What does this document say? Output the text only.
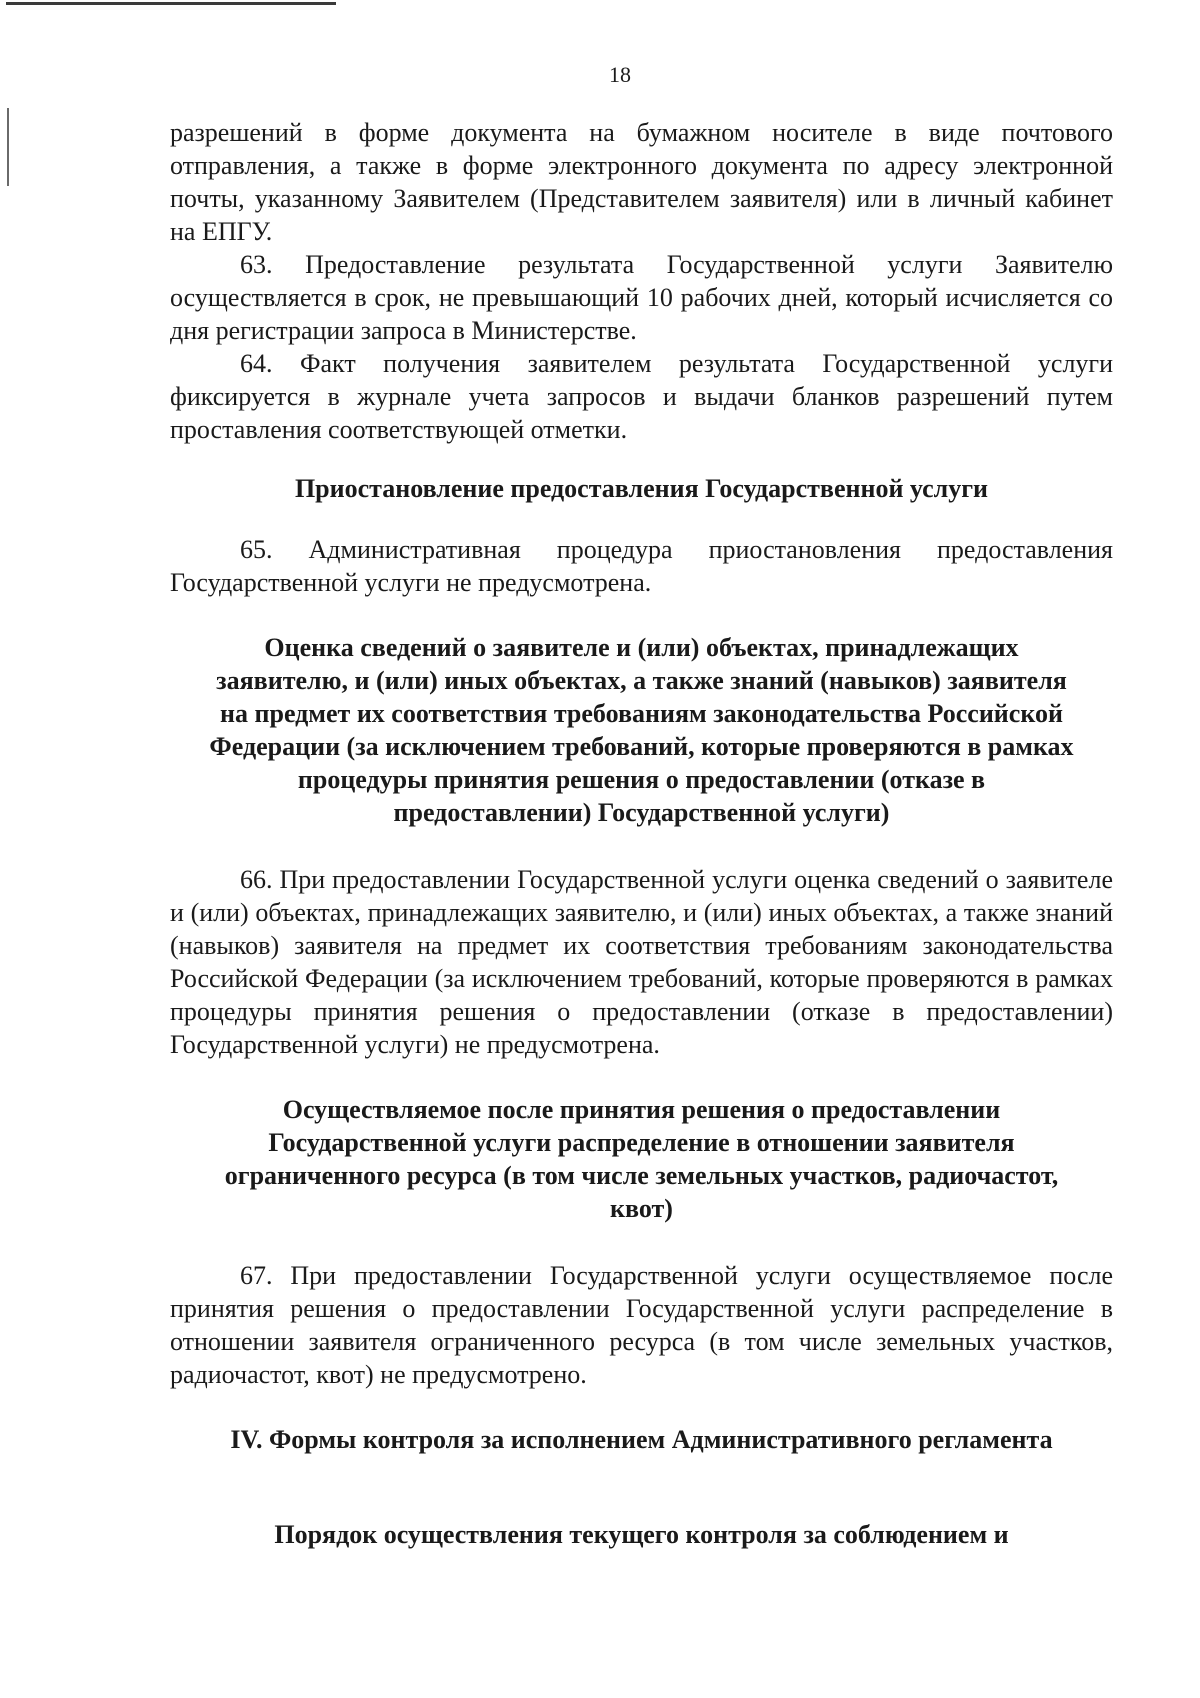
18

разрешений в форме документа на бумажном носителе в виде почтового отправления, а также в форме электронного документа по адресу электронной почты, указанному Заявителем (Представителем заявителя) или в личный кабинет на ЕПГУ.

63. Предоставление результата Государственной услуги Заявителю осуществляется в срок, не превышающий 10 рабочих дней, который исчисляется со дня регистрации запроса в Министерстве.

64. Факт получения заявителем результата Государственной услуги фиксируется в журнале учета запросов и выдачи бланков разрешений путем проставления соответствующей отметки.

Приостановление предоставления Государственной услуги

65. Административная процедура приостановления предоставления Государственной услуги не предусмотрена.

Оценка сведений о заявителе и (или) объектах, принадлежащих
заявителю, и (или) иных объектах, а также знаний (навыков) заявителя
на предмет их соответствия требованиям законодательства Российской
Федерации (за исключением требований, которые проверяются в рамках
процедуры принятия решения о предоставлении (отказе в
предоставлении) Государственной услуги)

66. При предоставлении Государственной услуги оценка сведений о заявителе и (или) объектах, принадлежащих заявителю, и (или) иных объектах, а также знаний (навыков) заявителя на предмет их соответствия требованиям законодательства Российской Федерации (за исключением требований, которые проверяются в рамках процедуры принятия решения о предоставлении (отказе в предоставлении) Государственной услуги) не предусмотрена.

Осуществляемое после принятия решения о предоставлении
Государственной услуги распределение в отношении заявителя
ограниченного ресурса (в том числе земельных участков, радиочастот,
квот)

67. При предоставлении Государственной услуги осуществляемое после принятия решения о предоставлении Государственной услуги распределение в отношении заявителя ограниченного ресурса (в том числе земельных участков, радиочастот, квот) не предусмотрено.

IV. Формы контроля за исполнением Административного регламента
Порядок осуществления текущего контроля за соблюдением и
